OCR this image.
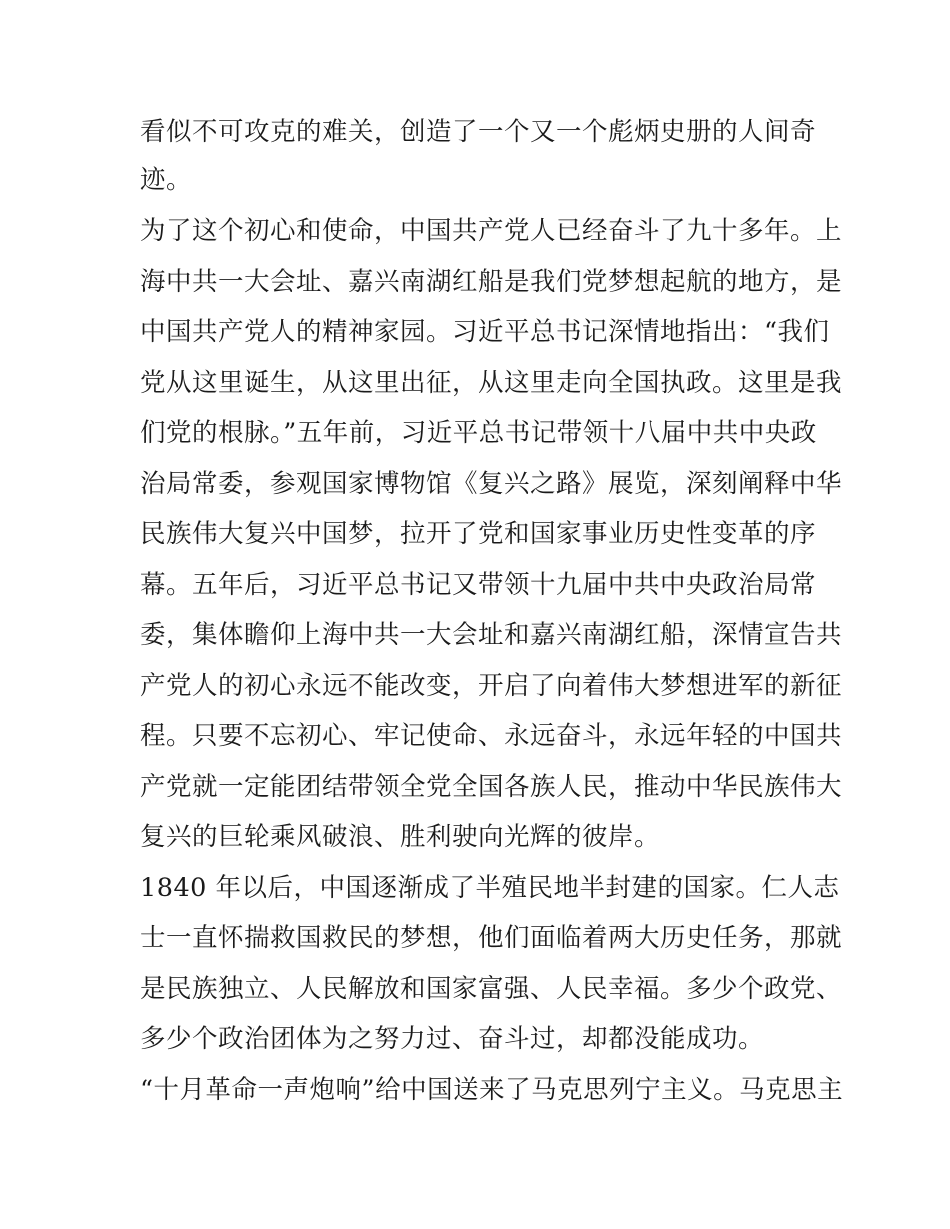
看似不可攻克的难关，创造了一个又一个彪炳史册的人间奇
迹。
为了这个初心和使命，中国共产党人已经奋斗了九十多年。上
海中共一大会址、嘉兴南湖红船是我们党梦想起航的地方，是
中国共产党人的精神家园。习近平总书记深情地指出：“我们
党从这里诞生，从这里出征，从这里走向全国执政。这里是我
们党的根脉。”五年前，习近平总书记带领十八届中共中央政
治局常委，参观国家博物馆《复兴之路》展览，深刻阐释中华
民族伟大复兴中国梦，拉开了党和国家事业历史性变革的序
幕。五年后，习近平总书记又带领十九届中共中央政治局常
委，集体瞻仰上海中共一大会址和嘉兴南湖红船，深情宣告共
产党人的初心永远不能改变，开启了向着伟大梦想进军的新征
程。只要不忘初心、牢记使命、永远奋斗，永远年轻的中国共
产党就一定能团结带领全党全国各族人民，推动中华民族伟大
复兴的巨轮乘风破浪、胜利驶向光辉的彼岸。
1840 年以后，中国逐渐成了半殖民地半封建的国家。仁人志
士一直怀揣救国救民的梦想，他们面临着两大历史任务，那就
是民族独立、人民解放和国家富强、人民幸福。多少个政党、
多少个政治团体为之努力过、奋斗过，却都没能成功。
“十月革命一声炮响”给中国送来了马克思列宁主义。马克思主
